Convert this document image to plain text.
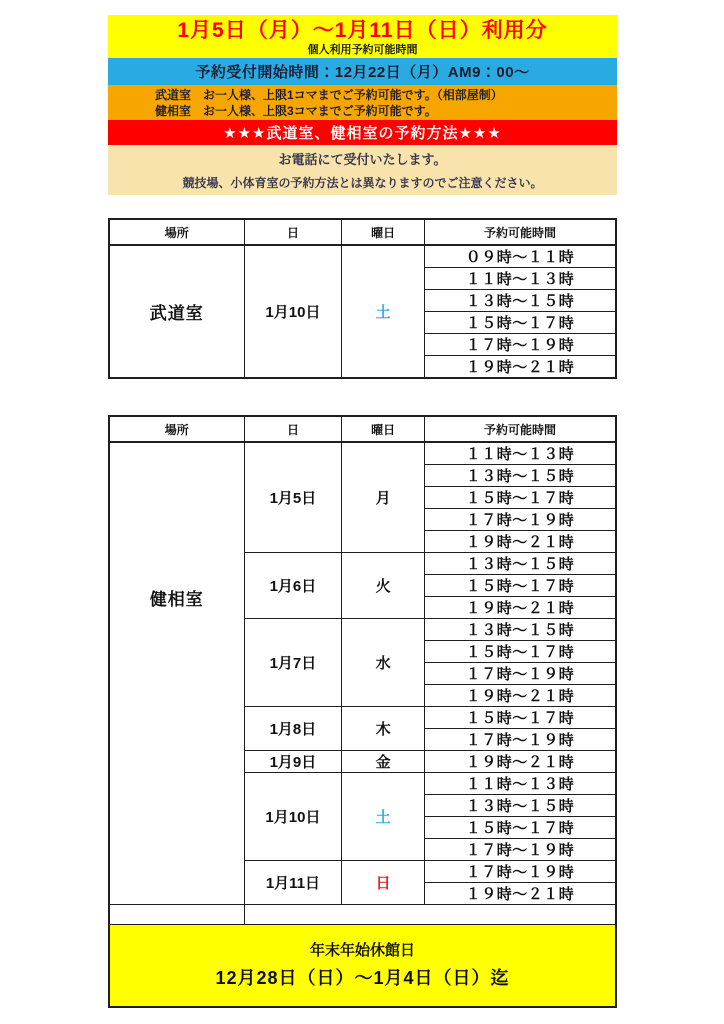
1月5日（月）～1月11日（日）利用分
個人利用予約可能時間
予約受付開始時間：12月22日（月）AM9：00～
武道室　お一人様、上限1コマまでご予約可能です。（相部屋制）
健相室　お一人様、上限3コマまでご予約可能です。
★★★武道室、健相室の予約方法★★★
お電話にて受付いたします。
競技場、小体育室の予約方法とは異なりますのでご注意ください。
場所	日	曜日	予約可能時間
武道室	1月10日	土	０９時～１１時
			１１時～１３時
			１３時～１５時
			１５時～１７時
			１７時～１９時
			１９時～２１時
場所	日	曜日	予約可能時間
健相室	1月5日	月	１１時～１３時
			１３時～１５時
			１５時～１７時
			１７時～１９時
			１９時～２１時
	1月6日	火	１３時～１５時
			１５時～１７時
			１９時～２１時
	1月7日	水	１３時～１５時
			１５時～１７時
			１７時～１９時
			１９時～２１時
	1月8日	木	１５時～１７時
			１７時～１９時
	1月9日	金	１９時～２１時
	1月10日	土	１１時～１３時
			１３時～１５時
			１５時～１７時
			１７時～１９時
	1月11日	日	１７時～１９時
			１９時～２１時

年末年始休館日
12月28日（日）～1月4日（日）迄			
